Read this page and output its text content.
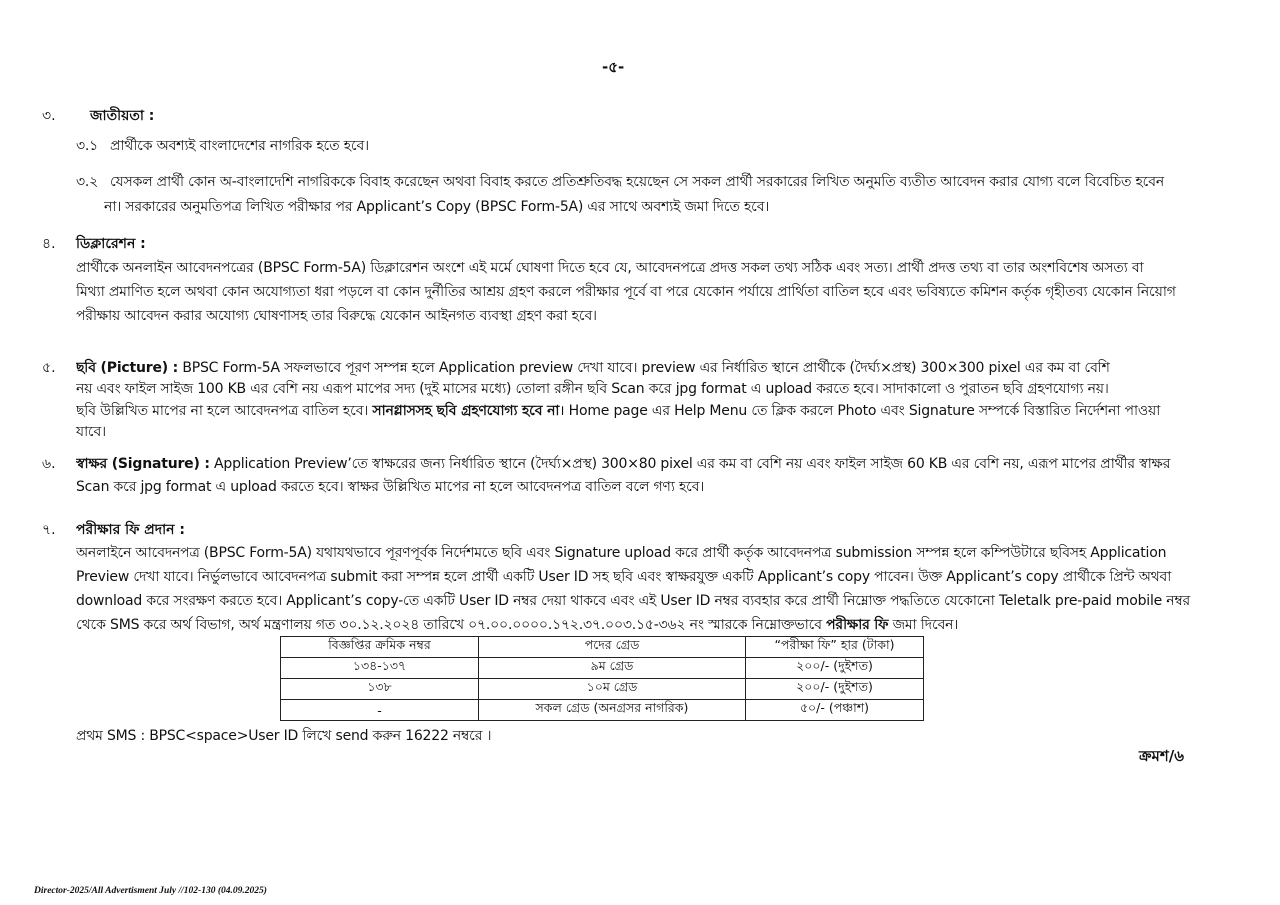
-৫-
৩. জাতীয়তা :
৩.১ প্রার্থীকে অবশ্যই বাংলাদেশের নাগরিক হতে হবে।
৩.২ যেসকল প্রার্থী কোন অ-বাংলাদেশি নাগরিককে বিবাহ করেছেন অথবা বিবাহ করতে প্রতিশ্রুতিবদ্ধ হয়েছেন সে সকল প্রার্থী সরকারের লিখিত অনুমতি ব্যতীত আবেদন করার যোগ্য বলে বিবেচিত হবেন
না। সরকারের অনুমতিপত্র লিখিত পরীক্ষার পর Applicant’s Copy (BPSC Form-5A) এর সাথে অবশ্যই জমা দিতে হবে।
৪. ডিক্লারেশন :
প্রার্থীকে অনলাইন আবেদনপত্রের (BPSC Form-5A) ডিক্লারেশন অংশে এই মর্মে ঘোষণা দিতে হবে যে, আবেদনপত্রে প্রদত্ত সকল তথ্য সঠিক এবং সত্য। প্রার্থী প্রদত্ত তথ্য বা তার অংশবিশেষ অসত্য বা
মিথ্যা প্রমাণিত হলে অথবা কোন অযোগ্যতা ধরা পড়লে বা কোন দুর্নীতির আশ্রয় গ্রহণ করলে পরীক্ষার পূর্বে বা পরে যেকোন পর্যায়ে প্রার্থিতা বাতিল হবে এবং ভবিষ্যতে কমিশন কর্তৃক গৃহীতব্য যেকোন নিয়োগ
পরীক্ষায় আবেদন করার অযোগ্য ঘোষণাসহ তার বিরুদ্ধে যেকোন আইনগত ব্যবস্থা গ্রহণ করা হবে।
৫. ছবি (Picture) : BPSC Form-5A সফলভাবে পূরণ সম্পন্ন হলে Application preview দেখা যাবে। preview এর নির্ধারিত স্থানে প্রার্থীকে (দৈর্ঘ্য×প্রস্থ) 300×300 pixel এর কম বা বেশি
নয় এবং ফাইল সাইজ 100 KB এর বেশি নয় এরূপ মাপের সদ্য (দুই মাসের মধ্যে) তোলা রঙ্গীন ছবি Scan করে jpg format এ upload করতে হবে। সাদাকালো ও পুরাতন ছবি গ্রহণযোগ্য নয়।
ছবি উল্লিখিত মাপের না হলে আবেদনপত্র বাতিল হবে। সানগ্লাসসহ ছবি গ্রহণযোগ্য হবে না। Home page এর Help Menu তে ক্লিক করলে Photo এবং Signature সম্পর্কে বিস্তারিত নির্দেশনা পাওয়া
যাবে।
৬. স্বাক্ষর (Signature) : Application Preview’তে স্বাক্ষরের জন্য নির্ধারিত স্থানে (দৈর্ঘ্য×প্রস্থ) 300×80 pixel এর কম বা বেশি নয় এবং ফাইল সাইজ 60 KB এর বেশি নয়, এরূপ মাপের প্রার্থীর স্বাক্ষর
Scan করে jpg format এ upload করতে হবে। স্বাক্ষর উল্লিখিত মাপের না হলে আবেদনপত্র বাতিল বলে গণ্য হবে।
৭. পরীক্ষার ফি প্রদান :
অনলাইনে আবেদনপত্র (BPSC Form-5A) যথাযথভাবে পূরণপূর্বক নির্দেশমতে ছবি এবং Signature upload করে প্রার্থী কর্তৃক আবেদনপত্র submission সম্পন্ন হলে কম্পিউটারে ছবিসহ Application
Preview দেখা যাবে। নির্ভুলভাবে আবেদনপত্র submit করা সম্পন্ন হলে প্রার্থী একটি User ID সহ ছবি এবং স্বাক্ষরযুক্ত একটি Applicant’s copy পাবেন। উক্ত Applicant’s copy প্রার্থীকে প্রিন্ট অথবা
download করে সংরক্ষণ করতে হবে। Applicant’s copy-তে একটি User ID নম্বর দেয়া থাকবে এবং এই User ID নম্বর ব্যবহার করে প্রার্থী নিম্নোক্ত পদ্ধতিতে যেকোনো Teletalk pre-paid mobile নম্বর
থেকে SMS করে অর্থ বিভাগ, অর্থ মন্ত্রণালয় গত ৩০.১২.২০২৪ তারিখে ০৭.০০.০০০০.১৭২.৩৭.০০৩.১৫-৩৬২ নং স্মারকে নিম্নোক্তভাবে পরীক্ষার ফি জমা দিবেন।
বিজ্ঞপ্তির ক্রমিক নম্বর	পদের গ্রেড	“পরীক্ষা ফি” হার (টাকা)
১৩৪-১৩৭	৯ম গ্রেড	২০০/- (দুইশত)
১৩৮	১০ম গ্রেড	২০০/- (দুইশত)
-	সকল গ্রেড (অনগ্রসর নাগরিক)	৫০/- (পঞ্চাশ)
প্রথম SMS : BPSC<space>User ID লিখে send করুন 16222 নম্বরে ।
ক্রমশ/৬
Director-2025/All Advertisment July //102-130 (04.09.2025)
